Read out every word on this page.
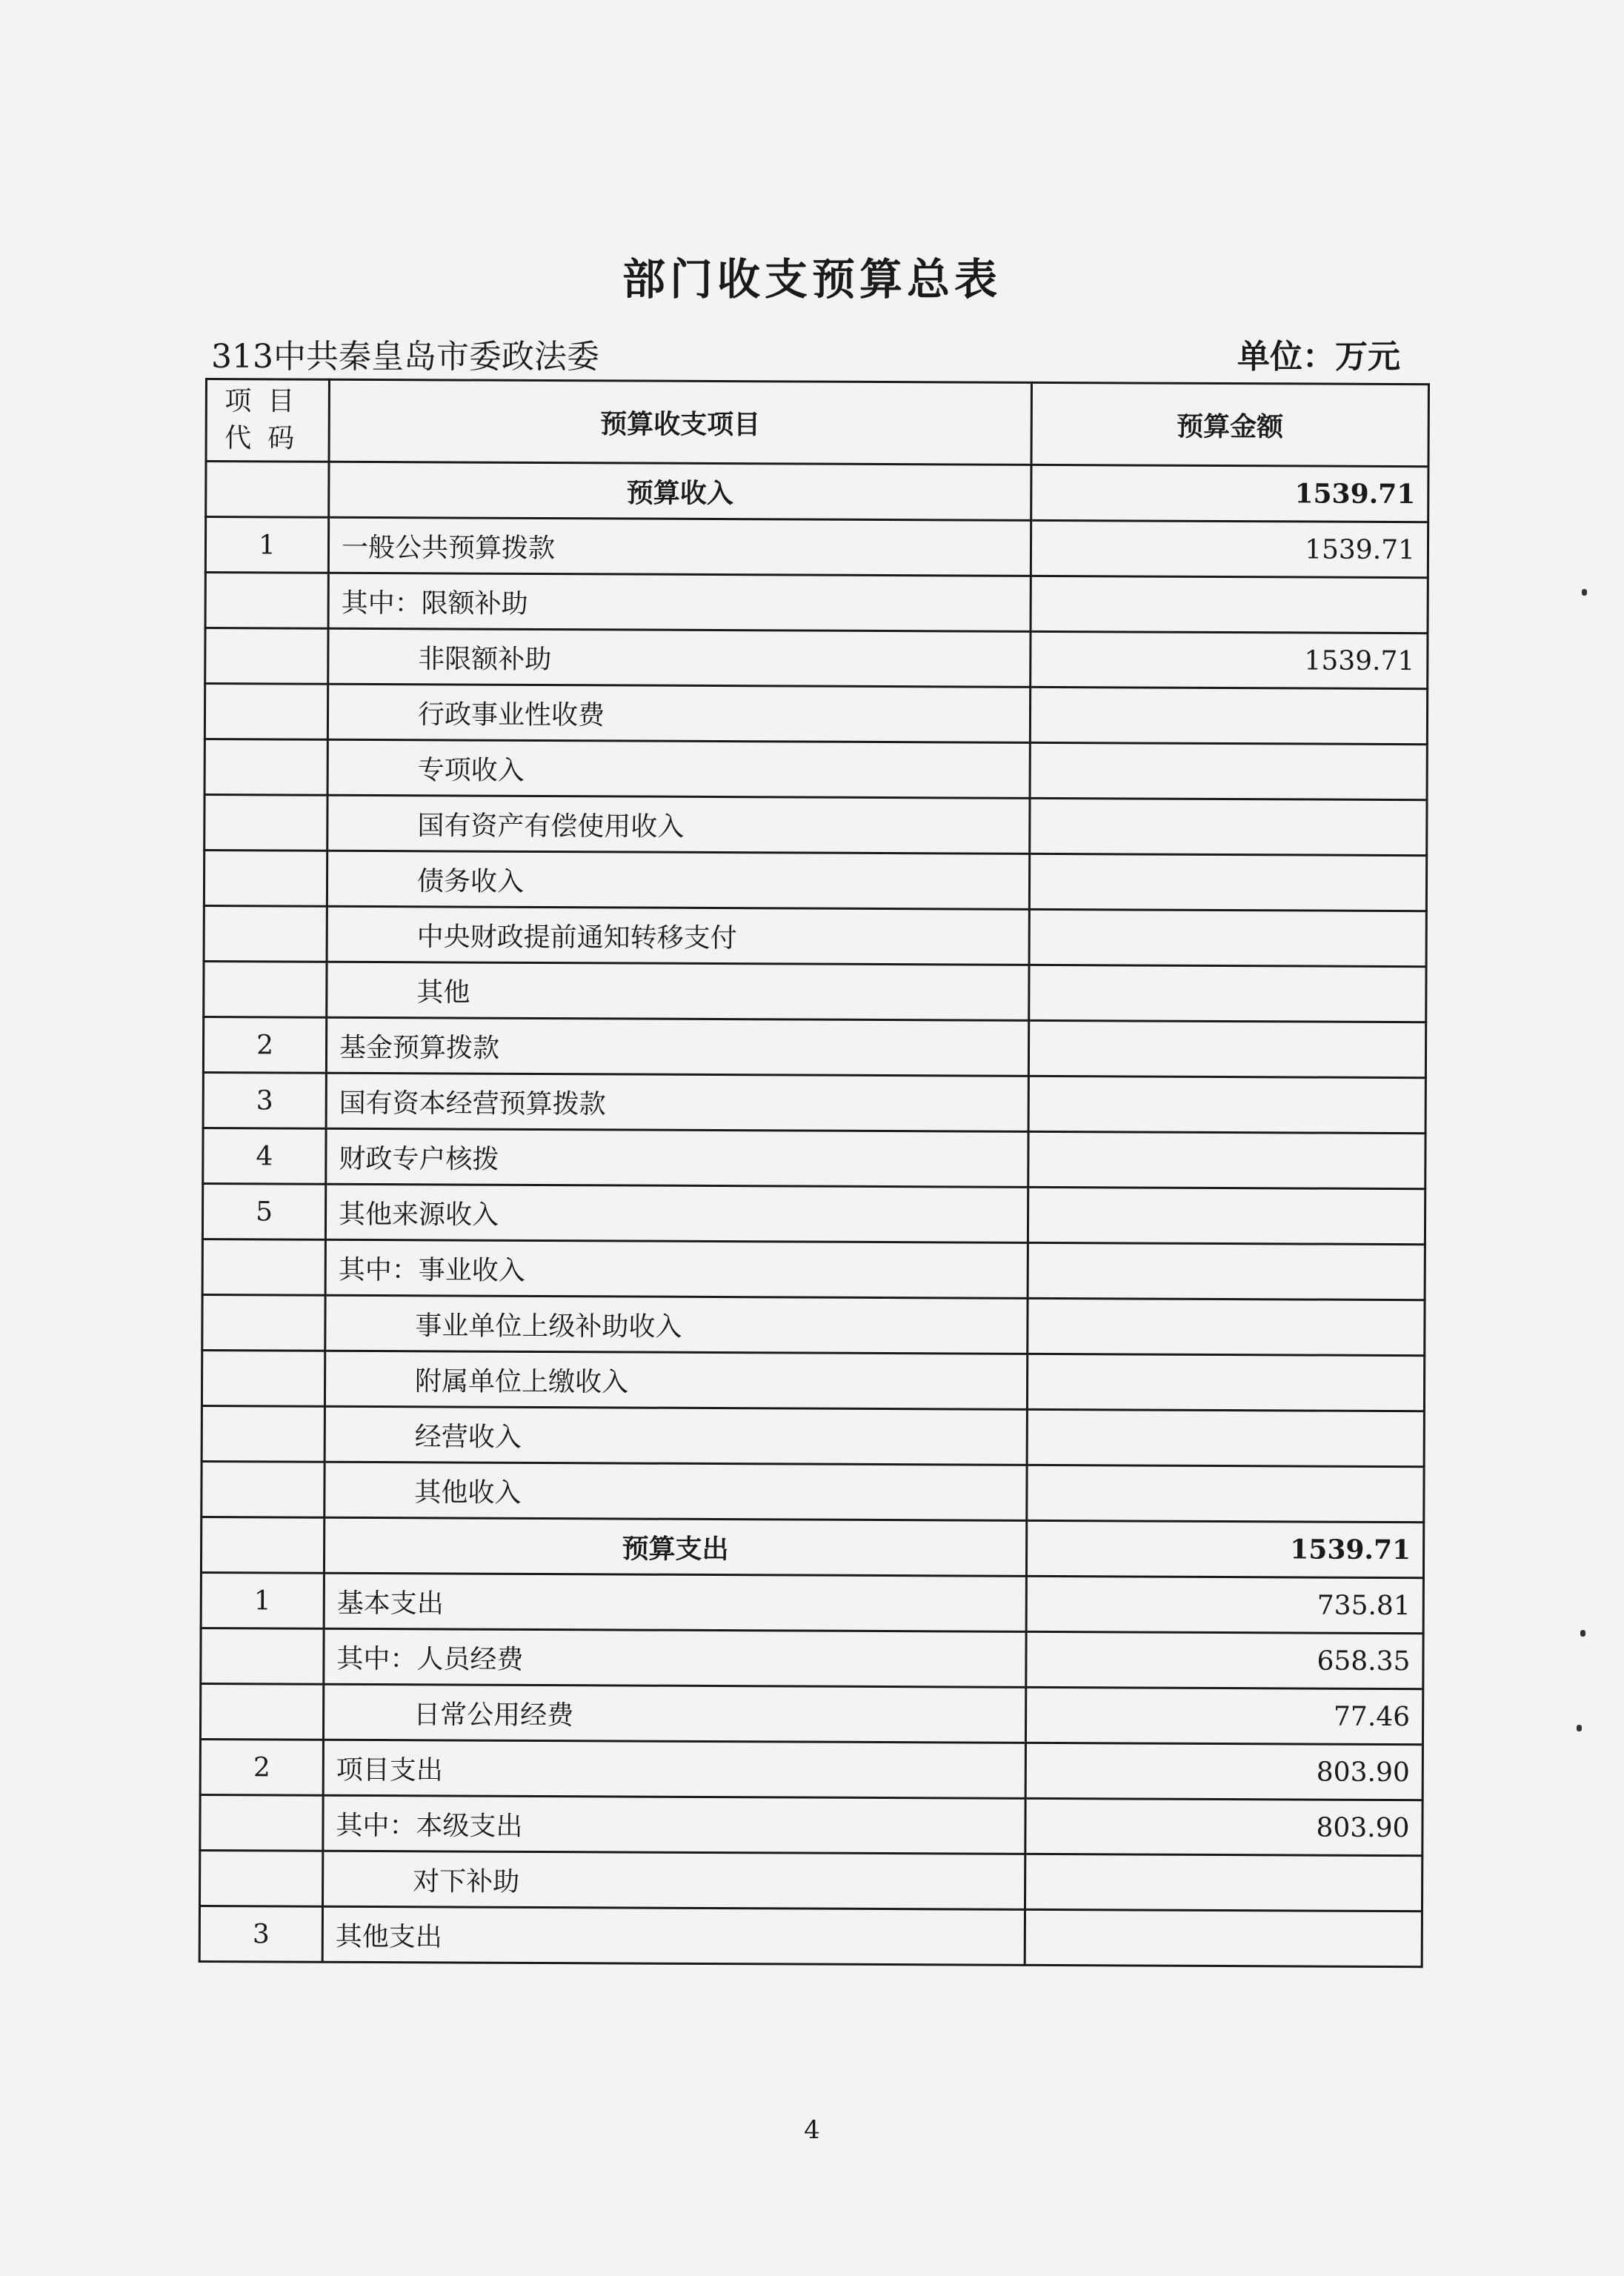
部门收支预算总表
313中共秦皇岛市委政法委	单位：万元
项目
代码	预算收支项目	预算金额
	预算收入	1539.71
1	一般公共预算拨款	1539.71
	其中：限额补助	
	非限额补助	1539.71
	行政事业性收费	
	专项收入	
	国有资产有偿使用收入	
	债务收入	
	中央财政提前通知转移支付	
	其他	
2	基金预算拨款	
3	国有资本经营预算拨款	
4	财政专户核拨	
5	其他来源收入	
	其中：事业收入	
	事业单位上级补助收入	
	附属单位上缴收入	
	经营收入	
	其他收入	
	预算支出	1539.71
1	基本支出	735.81
	其中：人员经费	658.35
	日常公用经费	77.46
2	项目支出	803.90
	其中：本级支出	803.90
	对下补助	
3	其他支出	
4
